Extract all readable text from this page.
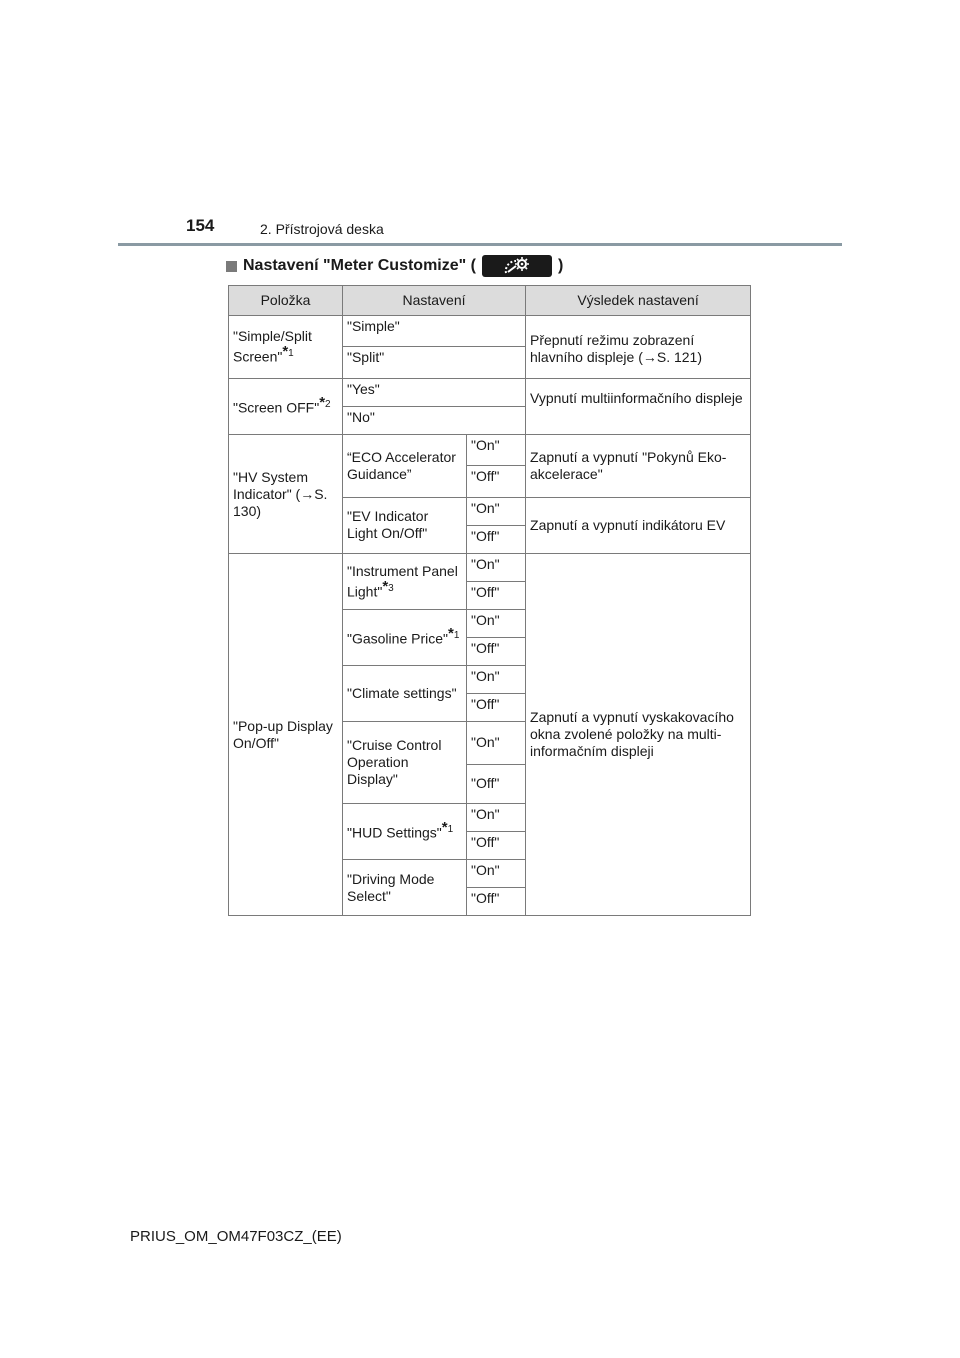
154	2. Přístrojová deska
Nastavení "Meter Customize" (	)
Položka	Nastavení		Výsledek nastavení
"Simple/Split Screen"*$^1$	"Simple"		Přepnutí režimu zobrazení hlavního displeje (→S. 121)
	"Split"		
"Screen OFF"*$^2$	"Yes"		Vypnutí multiinformačního displeje
	"No"		
"HV System Indicator" (→S. 130)	“ECO Accelerator Guidance”	"On"	Zapnutí a vypnutí "Pokynů Eko-akcelerace"
		"Off"	
	"EV Indicator Light On/Off"	"On"	Zapnutí a vypnutí indikátoru EV
		"Off"	
"Pop-up Display On/Off"	"Instrument Panel Light"*$^3$	"On"	Zapnutí a vypnutí vyskakovacího okna zvolené položky na multi-informačním displeji
		"Off"	
	"Gasoline Price"*$^1$	"On"	
		"Off"	
	"Climate settings"	"On"	
		"Off"	
	"Cruise Control Operation Display"	"On"	
		"Off"	
	"HUD Settings"*$^1$	"On"	
		"Off"	
	"Driving Mode Select"	"On"	
		"Off"	
PRIUS_OM_OM47F03CZ_(EE)
